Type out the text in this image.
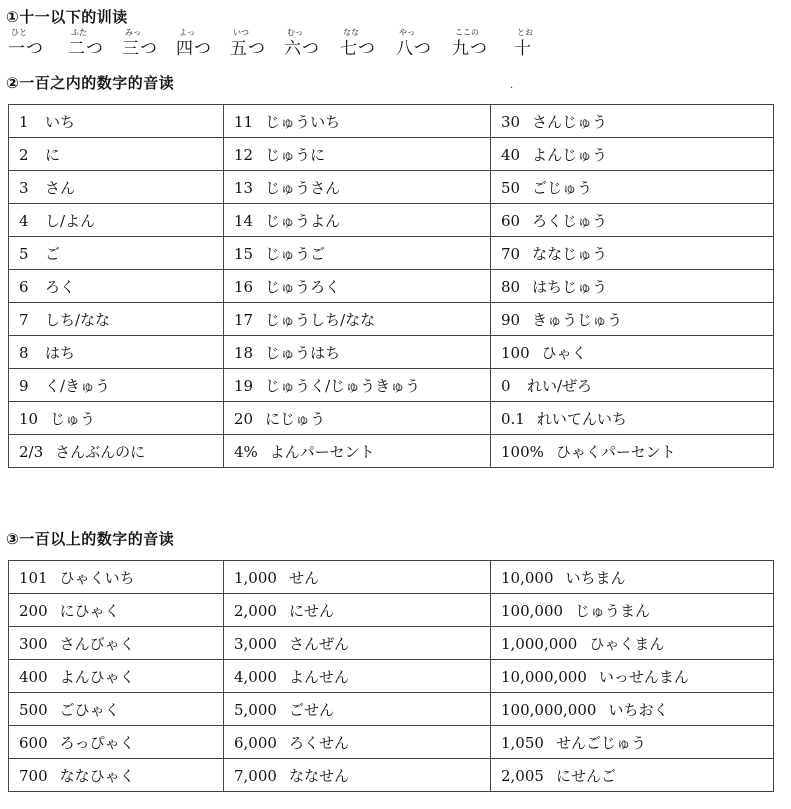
①十一以下的训读
ひと
一つ
ふた
二つ
みっ
三つ
よっ
四つ
いつ
五つ
むっ
六つ
なな
七つ
やっ
八つ
ここの
九つ
とお
十
②一百之内的数字的音读	.
1 いち	11 じゅういち	30 さんじゅう
2 に	12 じゅうに	40 よんじゅう
3 さん	13 じゅうさん	50 ごじゅう
4 し/よん	14 じゅうよん	60 ろくじゅう
5 ご	15 じゅうご	70 ななじゅう
6 ろく	16 じゅうろく	80 はちじゅう
7 しち/なな	17 じゅうしち/なな	90 きゅうじゅう
8 はち	18 じゅうはち	100 ひゃく
9 く/きゅう	19 じゅうく/じゅうきゅう	0 れい/ぜろ
10 じゅう	20 にじゅう	0.1 れいてんいち
2/3 さんぶんのに	4% よんパーセント	100% ひゃくパーセント
③一百以上的数字的音读
101 ひゃくいち	1,000 せん	10,000 いちまん
200 にひゃく	2,000 にせん	100,000 じゅうまん
300 さんびゃく	3,000 さんぜん	1,000,000 ひゃくまん
400 よんひゃく	4,000 よんせん	10,000,000 いっせんまん
500 ごひゃく	5,000 ごせん	100,000,000 いちおく
600 ろっぴゃく	6,000 ろくせん	1,050 せんごじゅう
700 ななひゃく	7,000 ななせん	2,005 にせんご
